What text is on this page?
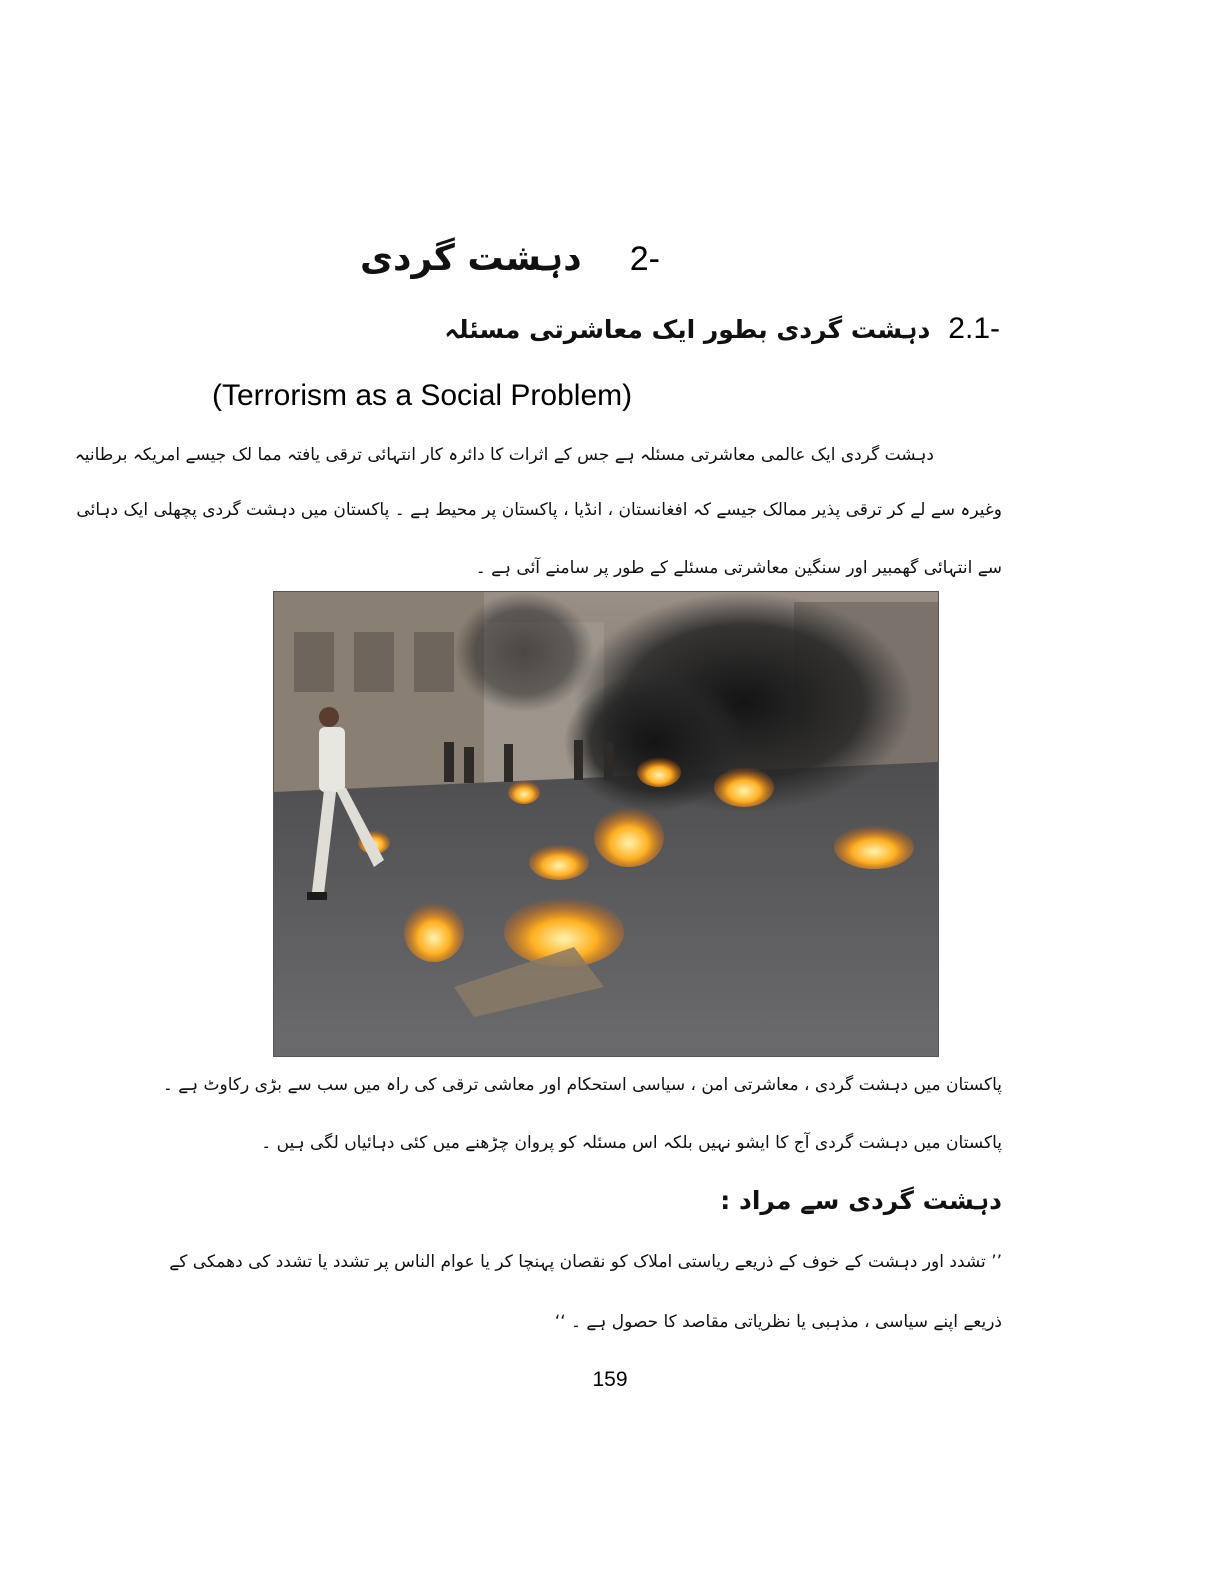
2-
دہشت گردی
2.1-
دہشت گردی بطور ایک معاشرتی مسئلہ
(Terrorism as a Social Problem)
دہشت گردی ایک عالمی معاشرتی مسئلہ ہے جس کے اثرات کا دائرہ کار انتہائی ترقی یافتہ مما لک جیسے امریکہ برطانیہ
وغیرہ سے لے کر ترقی پذیر ممالک جیسے کہ افغانستان ، انڈیا ، پاکستان پر محیط ہے ۔ پاکستان میں دہشت گردی پچھلی ایک دہائی
سے انتہائی گھمبیر اور سنگین معاشرتی مسئلے کے طور پر سامنے آئی ہے ۔
پاکستان میں دہشت گردی ، معاشرتی امن ، سیاسی استحکام اور معاشی ترقی کی راہ میں سب سے بڑی رکاوٹ ہے ۔
پاکستان میں دہشت گردی آج کا ایشو نہیں بلکہ اس مسئلہ کو پروان چڑھنے میں کئی دہائیاں لگی ہیں ۔
دہشت گردی سے مراد :
’’ تشدد اور دہشت کے خوف کے ذریعے ریاستی املاک کو نقصان پہنچا کر یا عوام الناس پر تشدد یا تشدد کی دھمکی کے
ذریعے اپنے سیاسی ، مذہبی یا نظریاتی مقاصد کا حصول ہے ۔ ‘‘
159
